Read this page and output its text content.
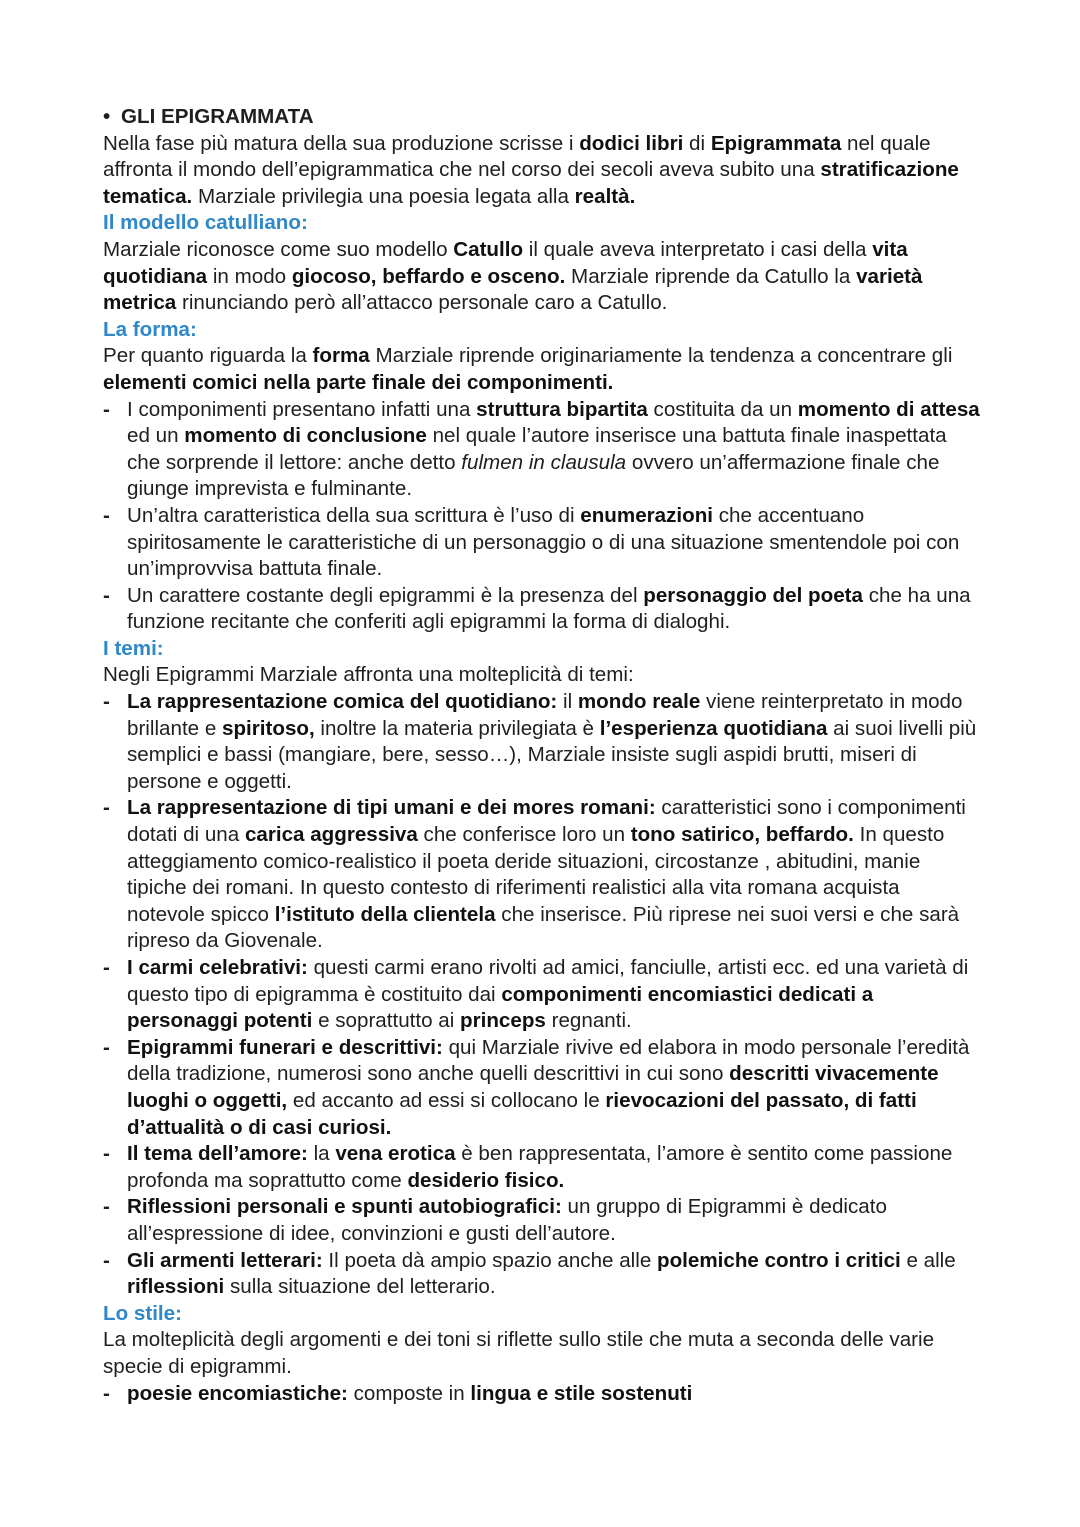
• GLI EPIGRAMMATA
Nella fase più matura della sua produzione scrisse i dodici libri di Epigrammata nel quale affronta il mondo dell’epigrammatica che nel corso dei secoli aveva subito una stratificazione tematica. Marziale privilegia una poesia legata alla realtà.
Il modello catulliano:
Marziale riconosce come suo modello Catullo il quale aveva interpretato i casi della vita quotidiana in modo giocoso, beffardo e osceno. Marziale riprende da Catullo la varietà metrica rinunciando però all’attacco personale caro a Catullo.
La forma:
Per quanto riguarda la forma Marziale riprende originariamente la tendenza a concentrare gli elementi comici nella parte finale dei componimenti.
- I componimenti presentano infatti una struttura bipartita costituita da un momento di attesa ed un momento di conclusione nel quale l’autore inserisce una battuta finale inaspettata che sorprende il lettore: anche detto fulmen in clausula ovvero un’affermazione finale che giunge imprevista e fulminante.
- Un’altra caratteristica della sua scrittura è l’uso di enumerazioni che accentuano spiritosamente le caratteristiche di un personaggio o di una situazione smentendole poi con un’improvvisa battuta finale.
- Un carattere costante degli epigrammi è la presenza del personaggio del poeta che ha una funzione recitante che conferiti agli epigrammi la forma di dialoghi.
I temi:
Negli Epigrammi Marziale affronta una molteplicità di temi:
- La rappresentazione comica del quotidiano: il mondo reale viene reinterpretato in modo brillante e spiritoso, inoltre la materia privilegiata è l’esperienza quotidiana ai suoi livelli più semplici e bassi (mangiare, bere, sesso…), Marziale insiste sugli aspidi brutti, miseri di persone e oggetti.
- La rappresentazione di tipi umani e dei mores romani: caratteristici sono i componimenti dotati di una carica aggressiva che conferisce loro un tono satirico, beffardo. In questo atteggiamento comico-realistico il poeta deride situazioni, circostanze , abitudini, manie tipiche dei romani. In questo contesto di riferimenti realistici alla vita romana acquista notevole spicco l’istituto della clientela che inserisce. Più riprese nei suoi versi e che sarà ripreso da Giovenale.
- I carmi celebrativi: questi carmi erano rivolti ad amici, fanciulle, artisti ecc. ed una varietà di questo tipo di epigramma è costituito dai componimenti encomiastici dedicati a personaggi potenti e soprattutto ai princeps regnanti.
- Epigrammi funerari e descrittivi: qui Marziale rivive ed elabora in modo personale l’eredità della tradizione, numerosi sono anche quelli descrittivi in cui sono descritti vivacemente luoghi o oggetti, ed accanto ad essi si collocano le rievocazioni del passato, di fatti d’attualità o di casi curiosi.
- Il tema dell’amore: la vena erotica è ben rappresentata, l’amore è sentito come passione profonda ma soprattutto come desiderio fisico.
- Riflessioni personali e spunti autobiografici: un gruppo di Epigrammi è dedicato all’espressione di idee, convinzioni e gusti dell’autore.
- Gli armenti letterari: Il poeta dà ampio spazio anche alle polemiche contro i critici e alle riflessioni sulla situazione del letterario.
Lo stile:
La molteplicità degli argomenti e dei toni si riflette sullo stile che muta a seconda delle varie specie di epigrammi.
- poesie encomiastiche: composte in lingua e stile sostenuti
